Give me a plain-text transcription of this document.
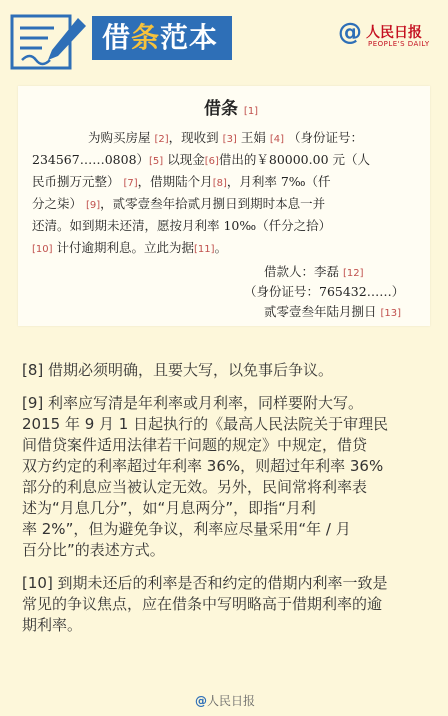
借条范本	@ 人民日报
PEOPLE'S DAILY
借条 [1]
为购买房屋 [2]，现收到 [3] 王娟 [4] （身份证号：
234567……0808）[5] 以现金[6]借出的￥80000.00 元（人
民币捌万元整） [7]，借期陆个月[8]，月利率 7‰（仟
分之柒） [9]，贰零壹叁年拾贰月捌日到期时本息一并
还清。如到期未还清，愿按月利率 10‰（仟分之拾）
[10] 计付逾期利息。立此为据[11]。
借款人：李磊 [12]
（身份证号：765432……）
贰零壹叁年陆月捌日 [13]

[8] 借期必须明确，且要大写，以免事后争议。

[9] 利率应写清是年利率或月利率，同样要附大写。
2015 年 9 月 1 日起执行的《最高人民法院关于审理民
间借贷案件适用法律若干问题的规定》中规定，借贷
双方约定的利率超过年利率 36%，则超过年利率 36%
部分的利息应当被认定无效。另外，民间常将利率表
述为“月息几分”，如“月息两分”，即指“月利
率 2%”，但为避免争议，利率应尽量采用“年 / 月
百分比”的表述方式。

[10] 到期未还后的利率是否和约定的借期内利率一致是
常见的争议焦点，应在借条中写明略高于借期利率的逾
期利率。

@人民日报
